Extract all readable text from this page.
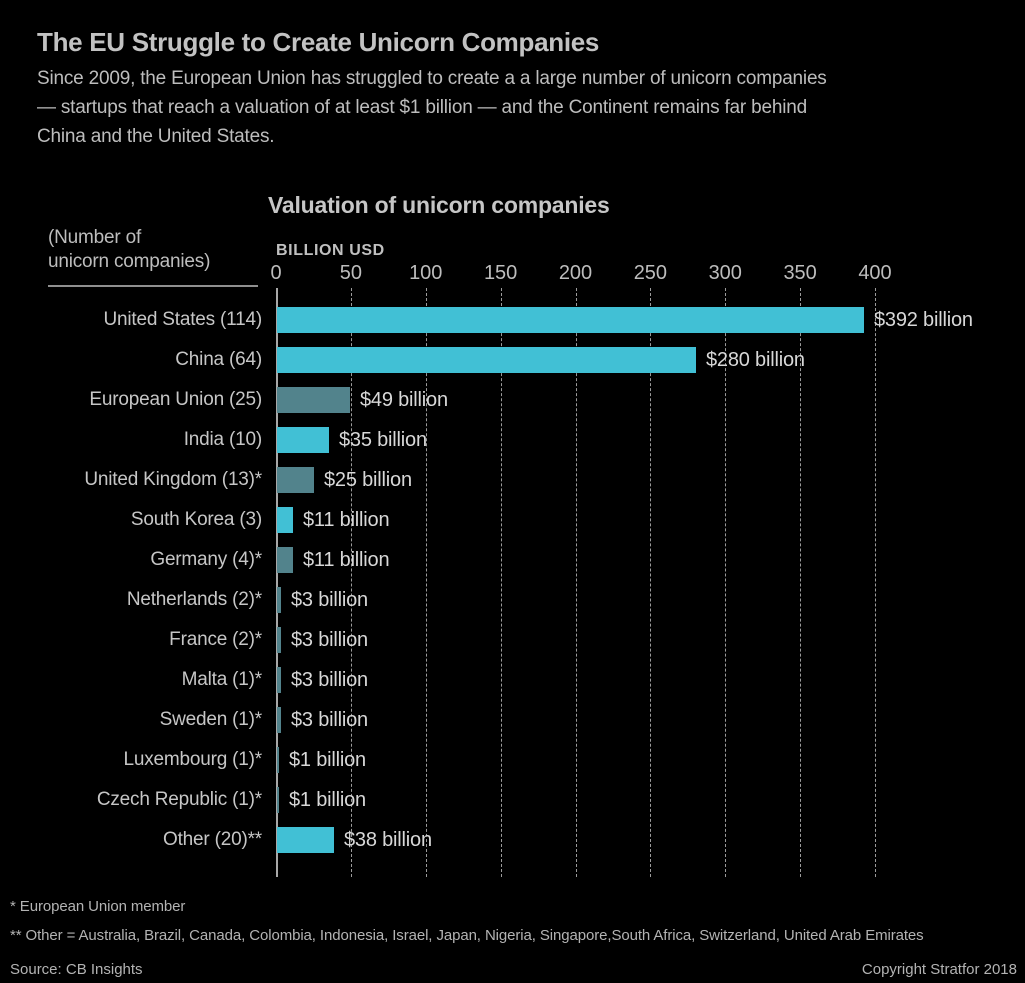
The EU Struggle to Create Unicorn Companies
Since 2009, the European Union has struggled to create a a large number of unicorn companies
— startups that reach a valuation of at least $1 billion — and the Continent remains far behind
China and the United States.
Valuation of unicorn companies
(Number of
unicorn companies)
BILLION USD
0	50	100	150	200	250	300	350	400
United States (114)	$392 billion
China (64)	$280 billion
European Union (25)	$49 billion
India (10)	$35 billion
United Kingdom (13)*	$25 billion
South Korea (3) $11 billion
Germany (4)* $11 billion
Netherlands (2)* $3 billion
France (2)* $3 billion
Malta (1)* $3 billion
Sweden (1)* $3 billion
Luxembourg (1)* $1 billion
Czech Republic (1)* $1 billion
Other (20)**	$38 billion
* European Union member
** Other = Australia, Brazil, Canada, Colombia, Indonesia, Israel, Japan, Nigeria, Singapore,South Africa, Switzerland, United Arab Emirates
Source: CB Insights	Copyright Stratfor 2018
